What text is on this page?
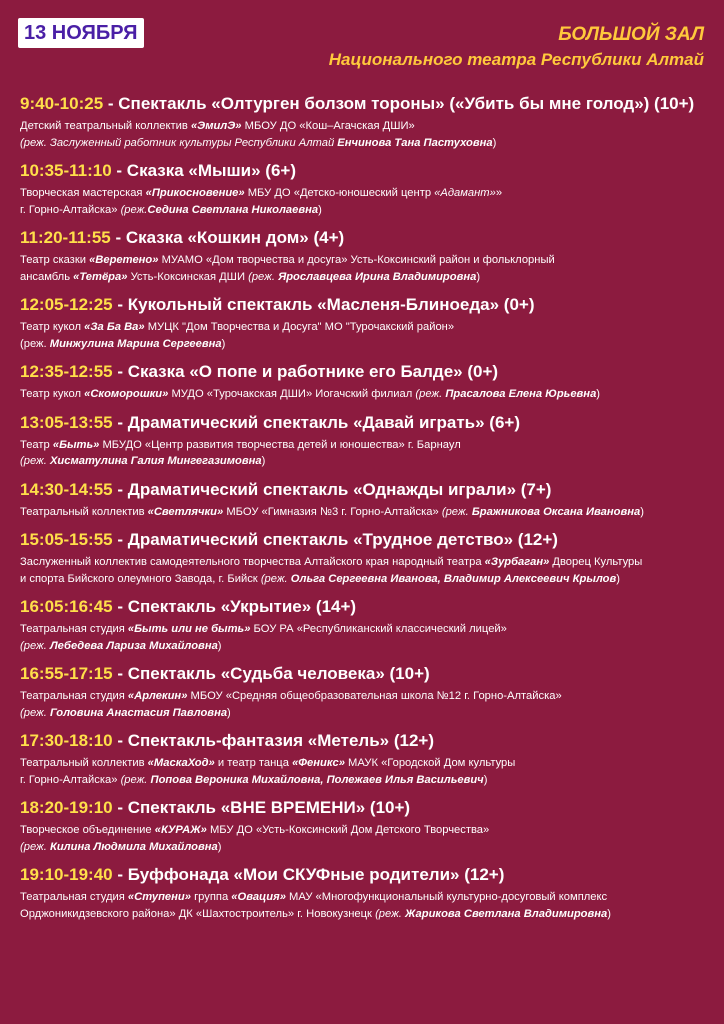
13 НОЯБРЯ	БОЛЬШОЙ ЗАЛ
Национального театра Республики Алтай
9:40-10:25 - Спектакль «Олтурген болзом тороны» («Убить бы мне голод») (10+)
Детский театральный коллектив «ЭмилЭ» МБОУ ДО «Кош–Агачская ДШИ»
(реж. Заслуженный работник культуры Республики Алтай Енчинова Тана Пастуховна)
10:35-11:10 - Сказка «Мыши» (6+)
Творческая мастерская «Прикосновение» МБУ ДО «Детско-юношеский центр «Адамант»»
г. Горно-Алтайска» (реж.Седина Светлана Николаевна)
11:20-11:55 - Сказка «Кошкин дом» (4+)
Театр сказки «Веретено» МУАМО «Дом творчества и досуга» Усть-Коксинский район и фольклорный
ансамбль «Тетёра» Усть-Коксинская ДШИ (реж. Ярославцева Ирина Владимировна)
12:05-12:25 - Кукольный спектакль «Масленя-Блиноеда» (0+)
Театр кукол «За Ба Ва» МУЦК "Дом Творчества и Досуга" МО "Турочакский район»
(реж. Минжулина Марина Сергеевна)
12:35-12:55 - Сказка «О попе и работнике его Балде» (0+)
Театр кукол «Скоморошки» МУДО «Турочакская ДШИ» Иогачский филиал (реж. Прасалова Елена Юрьевна)
13:05-13:55 - Драматический спектакль «Давай играть» (6+)
Театр «Быть» МБУДО «Центр развития творчества детей и юношества» г. Барнаул
(реж. Хисматулина Галия Мингегазимовна)
14:30-14:55 - Драматический спектакль «Однажды играли» (7+)
Театральный коллектив «Светлячки» МБОУ «Гимназия №3 г. Горно-Алтайска» (реж. Бражникова Оксана Ивановна)
15:05-15:55 - Драматический спектакль «Трудное детство» (12+)
Заслуженный коллектив самодеятельного творчества Алтайского края народный театра «Зурбаган» Дворец Культуры
и спорта Бийского олеумного Завода, г. Бийск (реж. Ольга Сергеевна Иванова, Владимир Алексеевич Крылов)
16:05:16:45 - Спектакль «Укрытие» (14+)
Театральная студия «Быть или не быть» БОУ РА «Республиканский классический лицей»
(реж. Лебедева Лариза Михайловна)
16:55-17:15 - Спектакль «Судьба человека» (10+)
Театральная студия «Арлекин» МБОУ «Средняя общеобразовательная школа №12 г. Горно-Алтайска»
(реж. Головина Анастасия Павловна)
17:30-18:10 - Спектакль-фантазия «Метель» (12+)
Театральный коллектив «МаскаХод» и театр танца «Феникс» МАУК «Городской Дом культуры
г. Горно-Алтайска» (реж. Попова Вероника Михайловна, Полежаев Илья Васильевич)
18:20-19:10 - Спектакль «ВНЕ ВРЕМЕНИ» (10+)
Творческое объединение «КУРАЖ» МБУ ДО «Усть-Коксинский Дом Детского Творчества»
(реж. Килина Людмила Михайловна)
19:10-19:40 - Буффонада «Мои СКУФные родители» (12+)
Театральная студия «Ступени» группа «Овация» МАУ «Многофункциональный культурно-досуговый комплекс
Орджоникидзевского района» ДК «Шахтостроитель» г. Новокузнецк (реж. Жарикова Светлана Владимировна)
